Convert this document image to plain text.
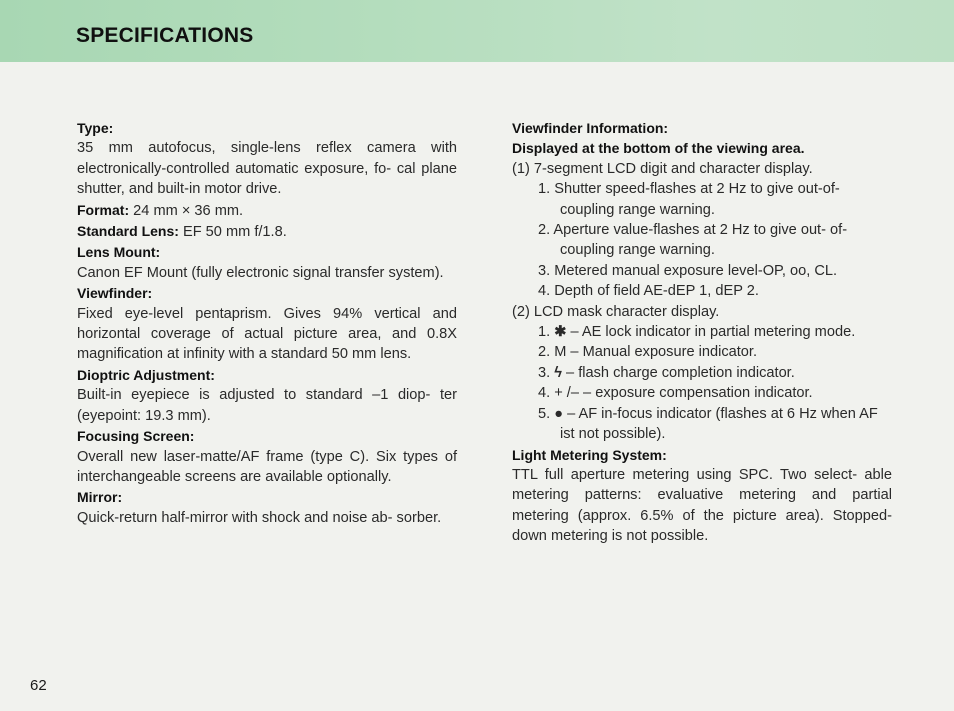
SPECIFICATIONS

Type:

35 mm autofocus, single-lens reflex camera with electronically-controlled automatic exposure, fo- cal plane shutter, and built-in motor drive.

Format: 24 mm × 36 mm.

Standard Lens: EF 50 mm f/1.8.

Lens Mount:

Canon EF Mount (fully electronic signal transfer system).

Viewfinder:

Fixed eye-level pentaprism. Gives 94% vertical and horizontal coverage of actual picture area, and 0.8X magnification at infinity with a standard 50 mm lens.

Dioptric Adjustment:

Built-in eyepiece is adjusted to standard –1 diop- ter (eyepoint: 19.3 mm).

Focusing Screen:

Overall new laser-matte/AF frame (type C). Six types of interchangeable screens are available optionally.

Mirror:

Quick-return half-mirror with shock and noise ab- sorber.

Viewfinder Information:

Displayed at the bottom of the viewing area.

(1) 7-segment LCD digit and character display.

1. Shutter speed-flashes at 2 Hz to give out-of- coupling range warning.

2. Aperture value-flashes at 2 Hz to give out- of-coupling range warning.

3. Metered manual exposure level-OP, oo, CL.

4. Depth of field AE-dEP 1, dEP 2.

(2) LCD mask character display.

1. ✱ – AE lock indicator in partial metering mode.

2. M – Manual exposure indicator.

3. ϟ – flash charge completion indicator.

4. + /– – exposure compensation indicator.

5. ● – AF in-focus indicator (flashes at 6 Hz when AF ist not possible).

Light Metering System:

TTL full aperture metering using SPC. Two select- able metering patterns: evaluative metering and partial metering (approx. 6.5% of the picture area). Stopped-down metering is not possible.

62
